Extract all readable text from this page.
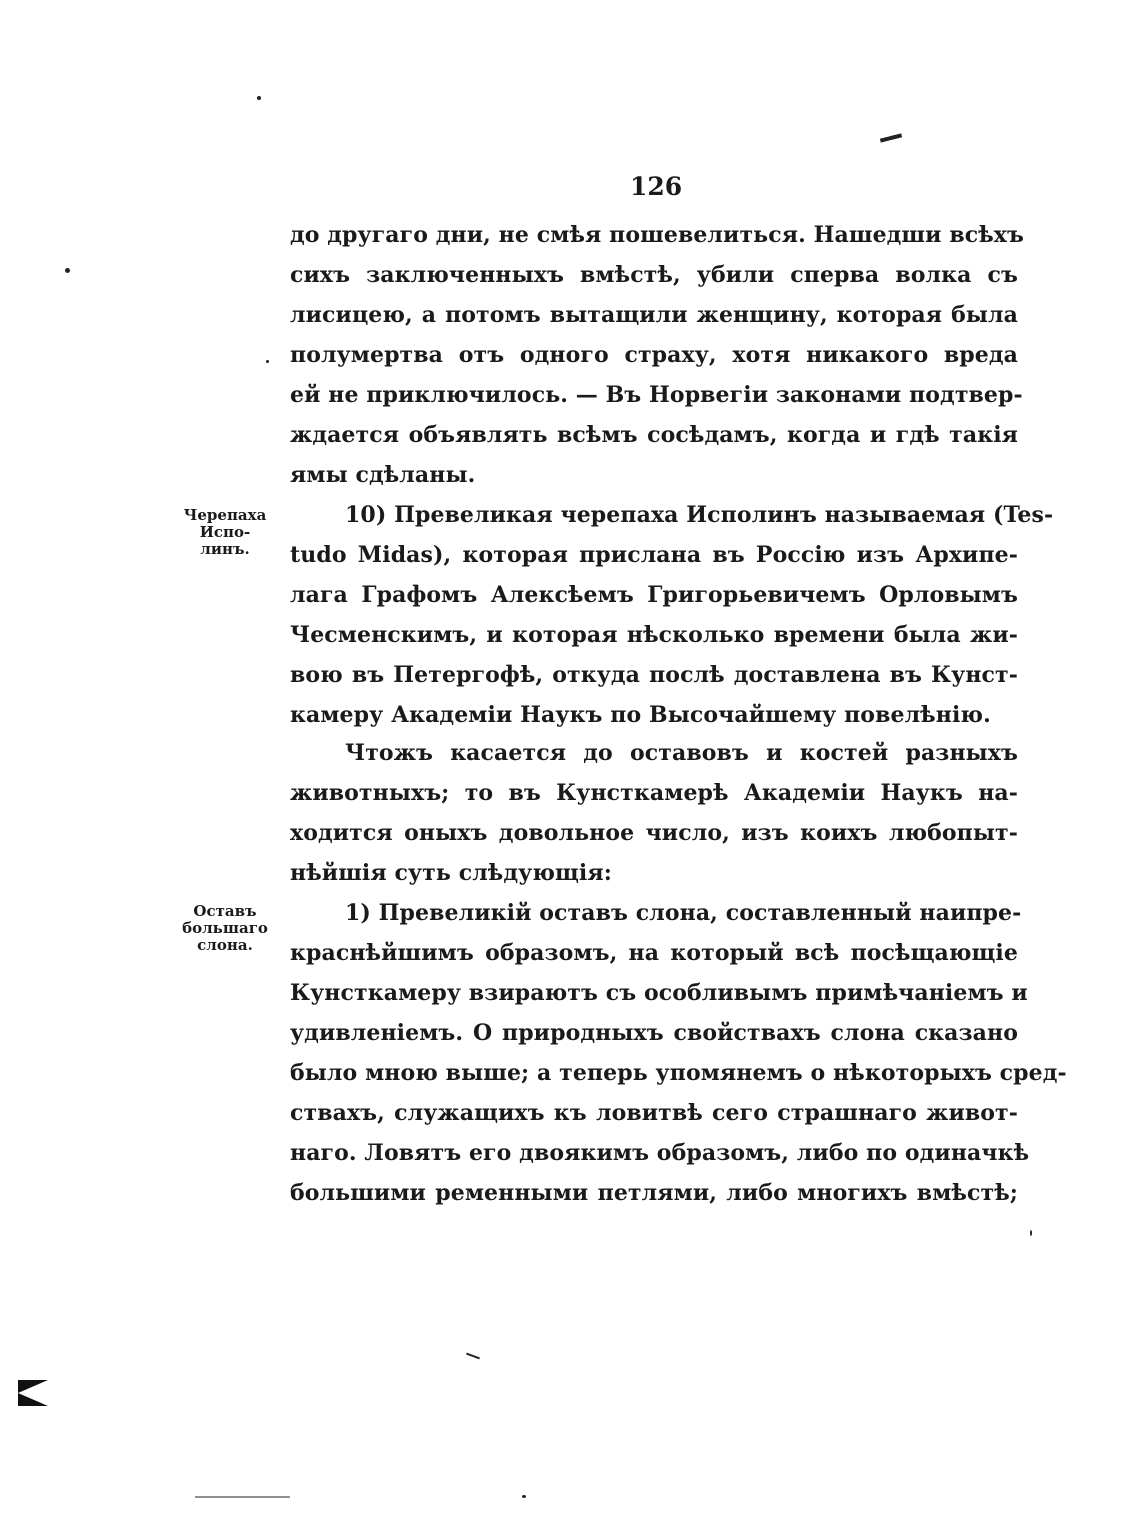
126
до другаго дни, не смѣя пошевелиться. Нашедши всѣхъ
сихъ заключенныхъ вмѣстѣ, убили сперва волка съ
лисицею, а потомъ вытащили женщину, которая была
полумертва отъ одного страху, хотя никакого вреда
ей не приключилось. — Въ Норвегіи законами подтвер-
ждается объявлять всѣмъ сосѣдамъ, когда и гдѣ такія
ямы сдѣланы.
10) Превеликая черепаха Исполинъ называемая (Tes-
tudo Midas), которая прислана въ Россію изъ Архипе-
лага Графомъ Алексѣемъ Григорьевичемъ Орловымъ
Чесменскимъ, и которая нѣсколько времени была жи-
вою въ Петергофѣ, откуда послѣ доставлена въ Кунст-
камеру Академіи Наукъ по Высочайшему повелѣнію.
Чтожъ касается до оставовъ и костей разныхъ
животныхъ; то въ Кунсткамерѣ Академіи Наукъ на-
ходится оныхъ довольное число, изъ коихъ любопыт-
нѣйшія суть слѣдующія:
1) Превеликій оставъ слона, составленный наипре-
краснѣйшимъ образомъ, на который всѣ посѣщающіе
Кунсткамеру взираютъ съ особливымъ примѣчаніемъ и
удивленіемъ. О природныхъ свойствахъ слона сказано
было мною выше; а теперь упомянемъ о нѣкоторыхъ сред-
ствахъ, служащихъ къ ловитвѣ сего страшнаго живот-
наго. Ловятъ его двоякимъ образомъ, либо по одиначкѣ
большими ременными петлями, либо многихъ вмѣстѣ;
Черепаха
Испо-
линъ.
Оставъ
большаго
слона.
